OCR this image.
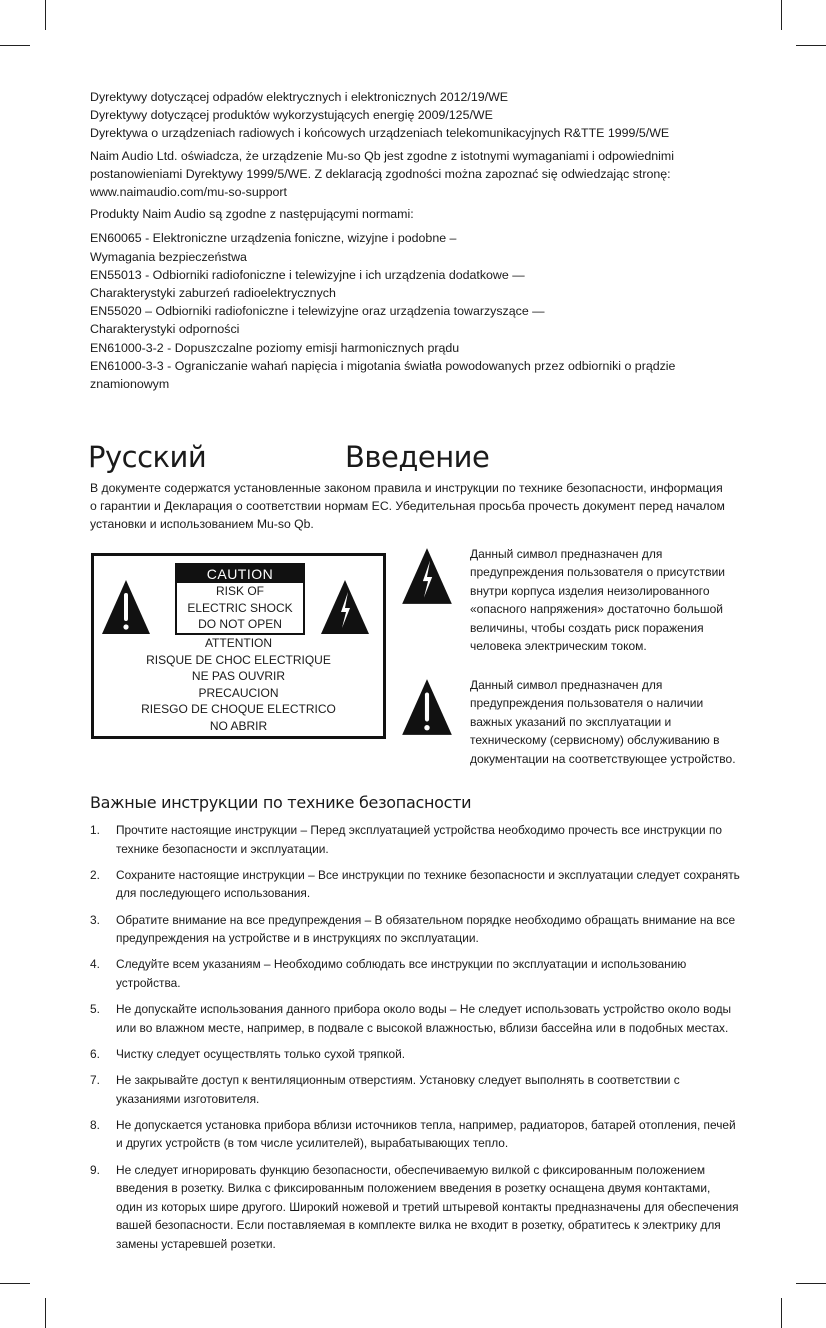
Dyrektywy dotyczącej odpadów elektrycznych i elektronicznych 2012/19/WE
Dyrektywy dotyczącej produktów wykorzystujących energię 2009/125/WE
Dyrektywa o urządzeniach radiowych i końcowych urządzeniach telekomunikacyjnych R&TTE 1999/5/WE

Naim Audio Ltd. oświadcza, że urządzenie Mu-so Qb jest zgodne z istotnymi wymaganiami i odpowiednimi postanowieniami Dyrektywy 1999/5/WE. Z deklaracją zgodności można zapoznać się odwiedzając stronę: www.naimaudio.com/mu-so-support

Produkty Naim Audio są zgodne z następującymi normami:

EN60065 - Elektroniczne urządzenia foniczne, wizyjne i podobne –
Wymagania bezpieczeństwa
EN55013 - Odbiorniki radiofoniczne i telewizyjne i ich urządzenia dodatkowe —
Charakterystyki zaburzeń radioelektrycznych
EN55020 – Odbiorniki radiofoniczne i telewizyjne oraz urządzenia towarzyszące —
Charakterystyki odporności
EN61000-3-2 - Dopuszczalne poziomy emisji harmonicznych prądu
EN61000-3-3 - Ograniczanie wahań napięcia i migotania światła powodowanych przez odbiorniki o prądzie znamionowym

Русский	Введение
В документе содержатся установленные законом правила и инструкции по технике безопасности, информация о гарантии и Декларация о соответствии нормам ЕС. Убедительная просьба прочесть документ перед началом установки и использованием Mu-so Qb.
CAUTION
RISK OF
ELECTRIC SHOCK
DO NOT OPEN
ATTENTION
RISQUE DE CHOC ELECTRIQUE
NE PAS OUVRIR
PRECAUCION
RIESGO DE CHOQUE ELECTRICO
NO ABRIR
Данный символ предназначен для предупреждения пользователя о присутствии внутри корпуса изделия неизолированного «опасного напряжения» достаточно большой величины, чтобы создать риск поражения человека электрическим током.
Данный символ предназначен для предупреждения пользователя о наличии важных указаний по эксплуатации и техническому (сервисному) обслуживанию в документации на соответствующее устройство.
Важные инструкции по технике безопасности
1. Прочтите настоящие инструкции – Перед эксплуатацией устройства необходимо прочесть все инструкции по технике безопасности и эксплуатации.
2. Сохраните настоящие инструкции – Все инструкции по технике безопасности и эксплуатации следует сохранять для последующего использования.
3. Обратите внимание на все предупреждения – В обязательном порядке необходимо обращать внимание на все предупреждения на устройстве и в инструкциях по эксплуатации.
4. Следуйте всем указаниям – Необходимо соблюдать все инструкции по эксплуатации и использованию устройства.
5. Не допускайте использования данного прибора около воды – Не следует использовать устройство около воды или во влажном месте, например, в подвале с высокой влажностью, вблизи бассейна или в подобных местах.
6. Чистку следует осуществлять только сухой тряпкой.
7. Не закрывайте доступ к вентиляционным отверстиям. Установку следует выполнять в соответствии с указаниями изготовителя.
8. Не допускается установка прибора вблизи источников тепла, например, радиаторов, батарей отопления, печей и других устройств (в том числе усилителей), вырабатывающих тепло.
9. Не следует игнорировать функцию безопасности, обеспечиваемую вилкой с фиксированным положением введения в розетку. Вилка с фиксированным положением введения в розетку оснащена двумя контактами, один из которых шире другого. Широкий ножевой и третий штыревой контакты предназначены для обеспечения вашей безопасности. Если поставляемая в комплекте вилка не входит в розетку, обратитесь к электрику для замены устаревшей розетки.
